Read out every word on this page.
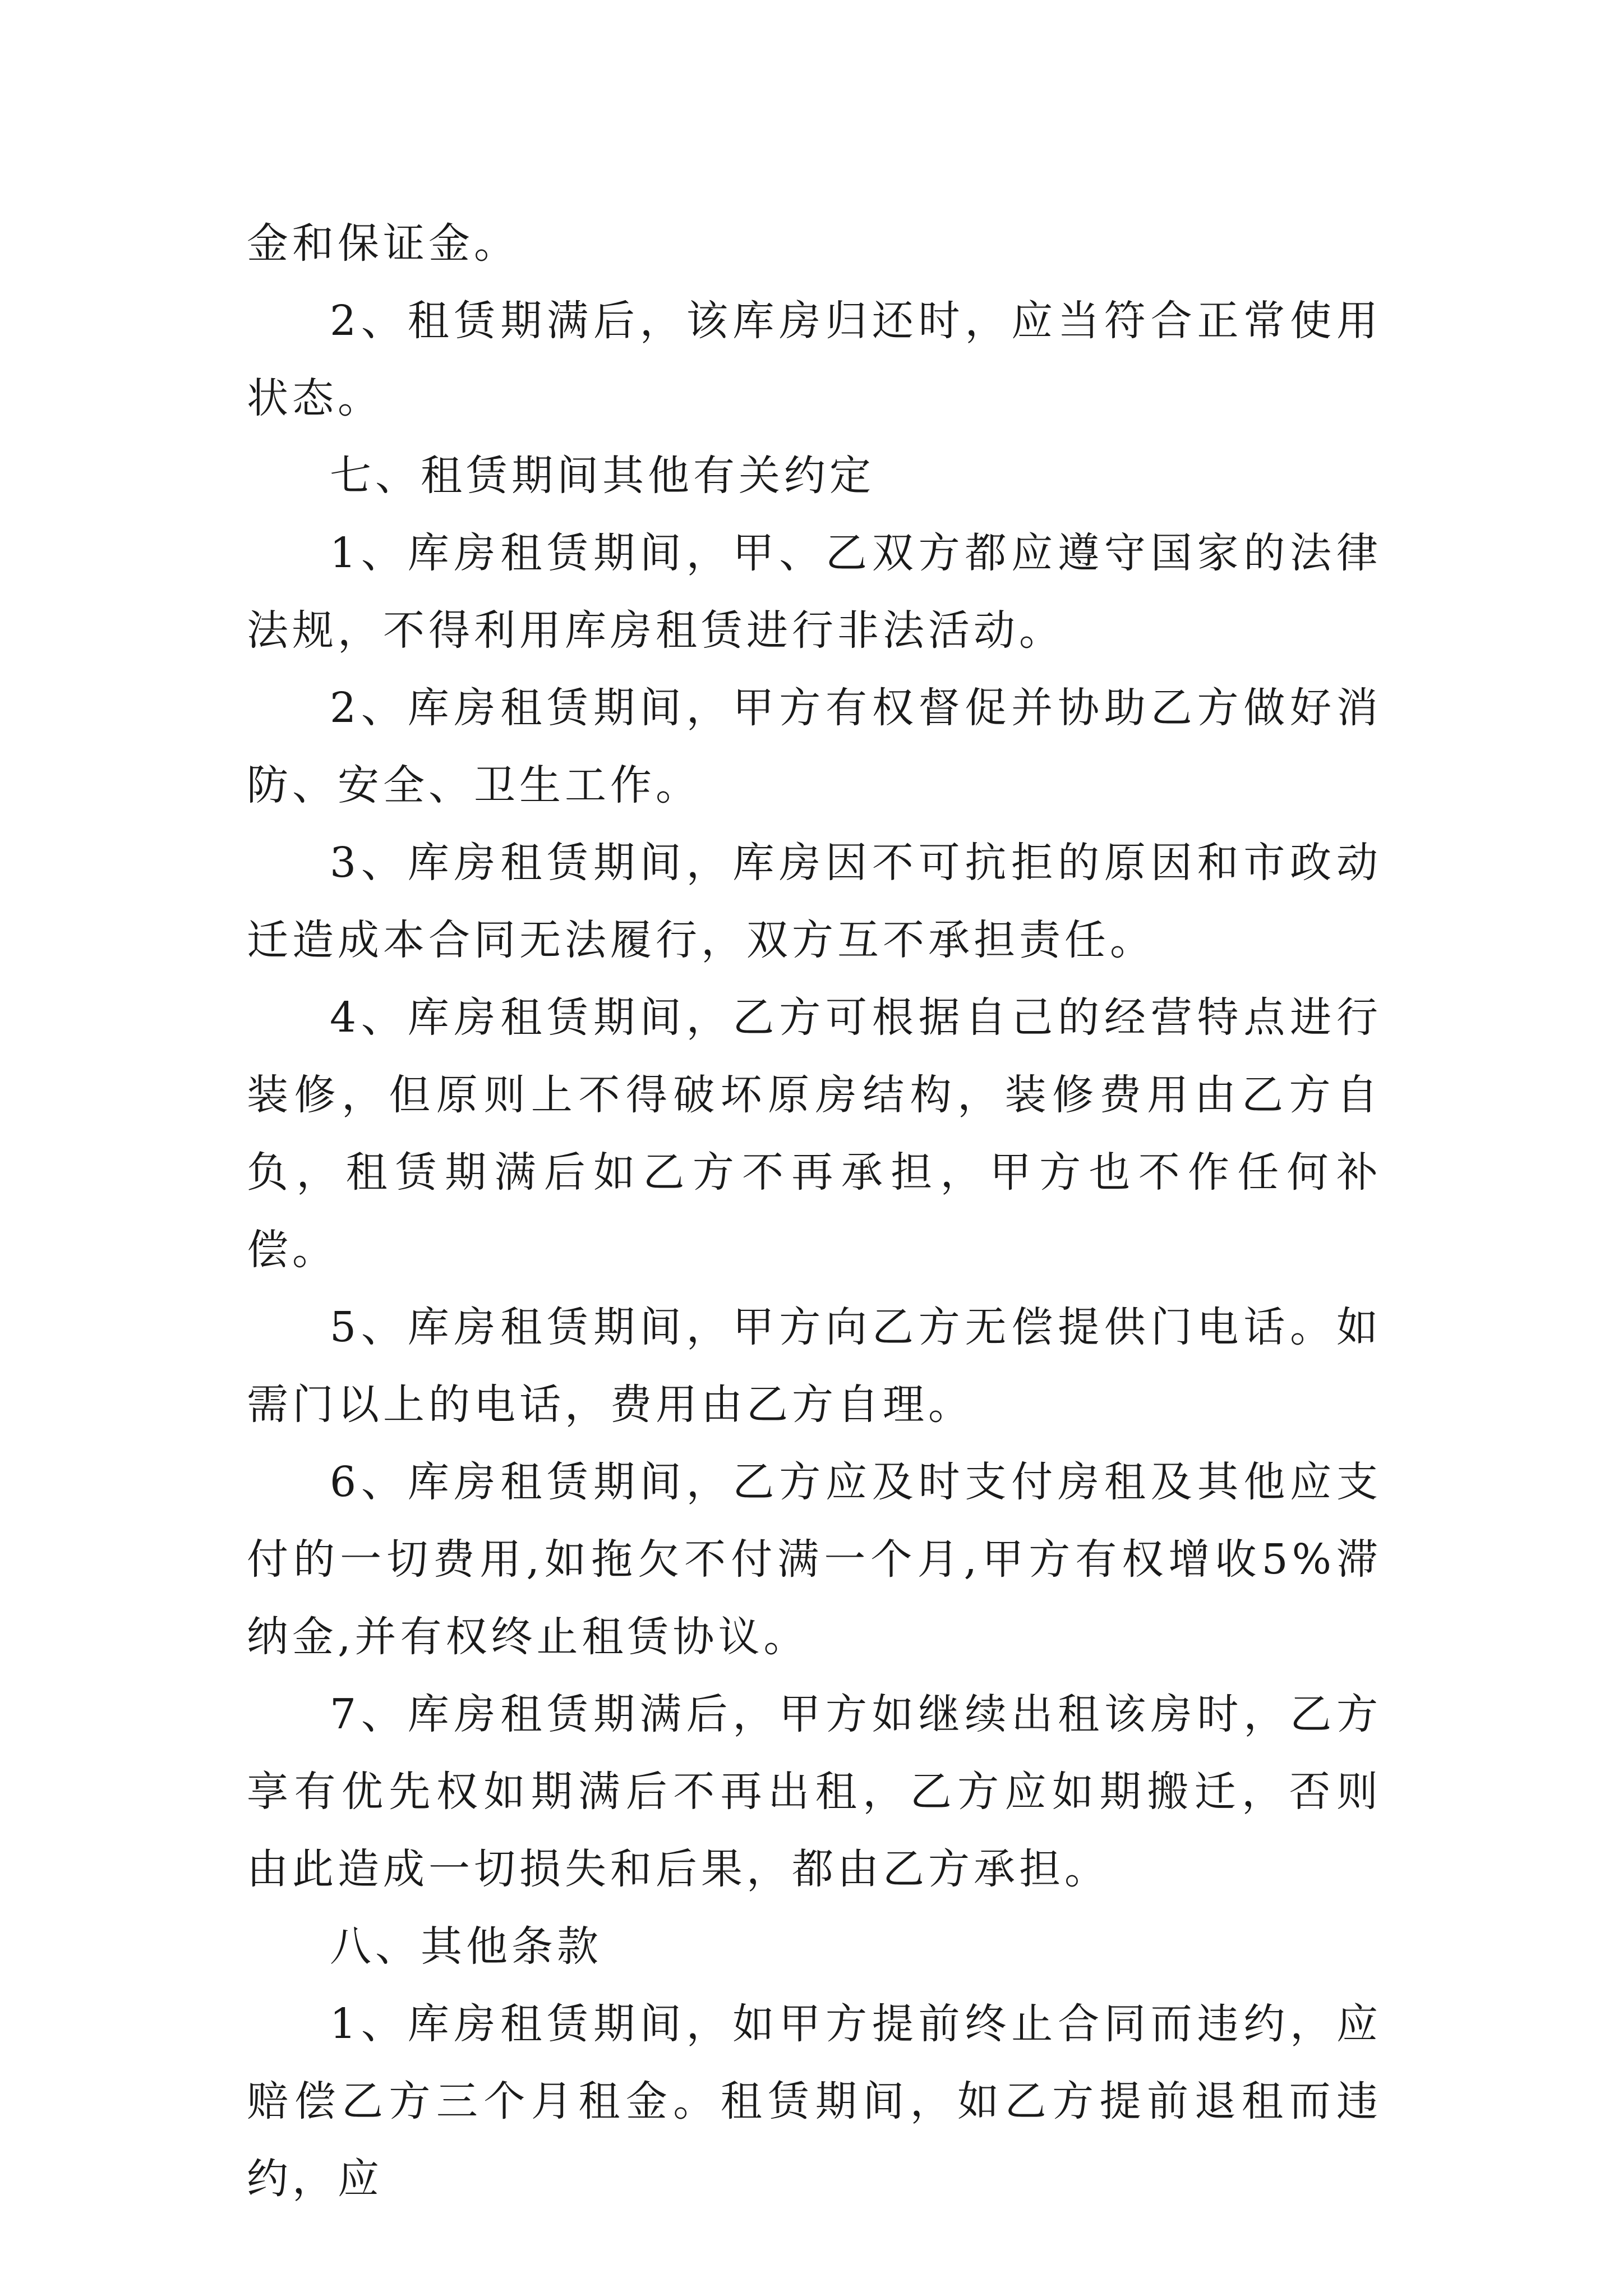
金和保证金。

2、租赁期满后，该库房归还时，应当符合正常使用状态。

七、租赁期间其他有关约定

1、库房租赁期间，甲、乙双方都应遵守国家的法律法规，不得利用库房租赁进行非法活动。

2、库房租赁期间，甲方有权督促并协助乙方做好消防、安全、卫生工作。

3、库房租赁期间，库房因不可抗拒的原因和市政动迁造成本合同无法履行，双方互不承担责任。

4、库房租赁期间，乙方可根据自己的经营特点进行装修，但原则上不得破坏原房结构，装修费用由乙方自负，租赁期满后如乙方不再承担，甲方也不作任何补偿。

5、库房租赁期间，甲方向乙方无偿提供门电话。如需门以上的电话，费用由乙方自理。

6、库房租赁期间，乙方应及时支付房租及其他应支付的一切费用,如拖欠不付满一个月,甲方有权增收5%滞纳金,并有权终止租赁协议。

7、库房租赁期满后，甲方如继续出租该房时，乙方享有优先权如期满后不再出租，乙方应如期搬迁，否则由此造成一切损失和后果，都由乙方承担。

八、其他条款

1、库房租赁期间，如甲方提前终止合同而违约，应赔偿乙方三个月租金。租赁期间，如乙方提前退租而违约，应
